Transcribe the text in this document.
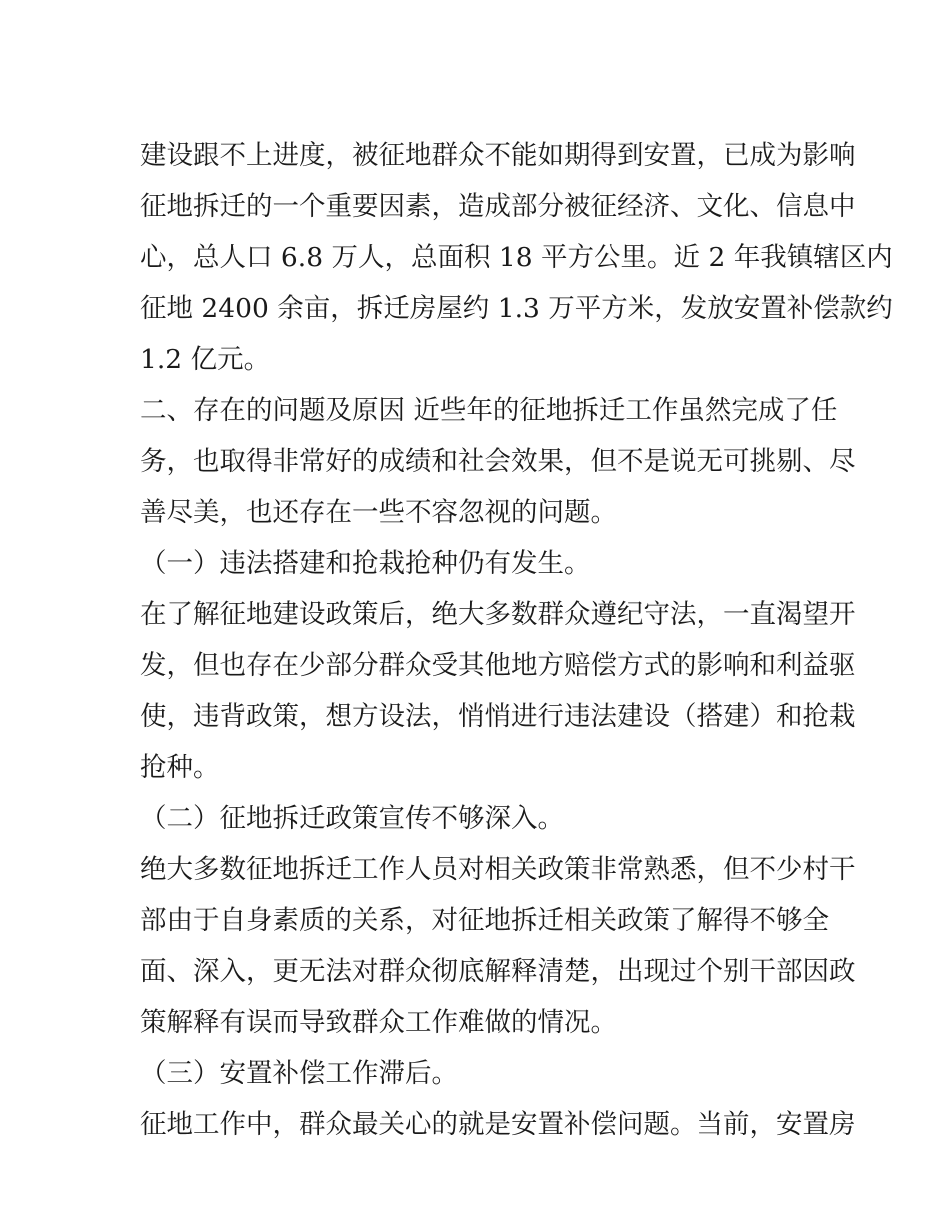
建设跟不上进度，被征地群众不能如期得到安置，已成为影响
征地拆迁的一个重要因素，造成部分被征经济、文化、信息中
心，总人口 6.8 万人，总面积 18 平方公里。近 2 年我镇辖区内
征地 2400 余亩，拆迁房屋约 1.3 万平方米，发放安置补偿款约
1.2 亿元。
二、存在的问题及原因 近些年的征地拆迁工作虽然完成了任
务，也取得非常好的成绩和社会效果，但不是说无可挑剔、尽
善尽美，也还存在一些不容忽视的问题。
（一）违法搭建和抢栽抢种仍有发生。
在了解征地建设政策后，绝大多数群众遵纪守法，一直渴望开
发，但也存在少部分群众受其他地方赔偿方式的影响和利益驱
使，违背政策，想方设法，悄悄进行违法建设（搭建）和抢栽
抢种。
（二）征地拆迁政策宣传不够深入。
绝大多数征地拆迁工作人员对相关政策非常熟悉，但不少村干
部由于自身素质的关系，对征地拆迁相关政策了解得不够全
面、深入，更无法对群众彻底解释清楚，出现过个别干部因政
策解释有误而导致群众工作难做的情况。
（三）安置补偿工作滞后。
征地工作中，群众最关心的就是安置补偿问题。当前，安置房
